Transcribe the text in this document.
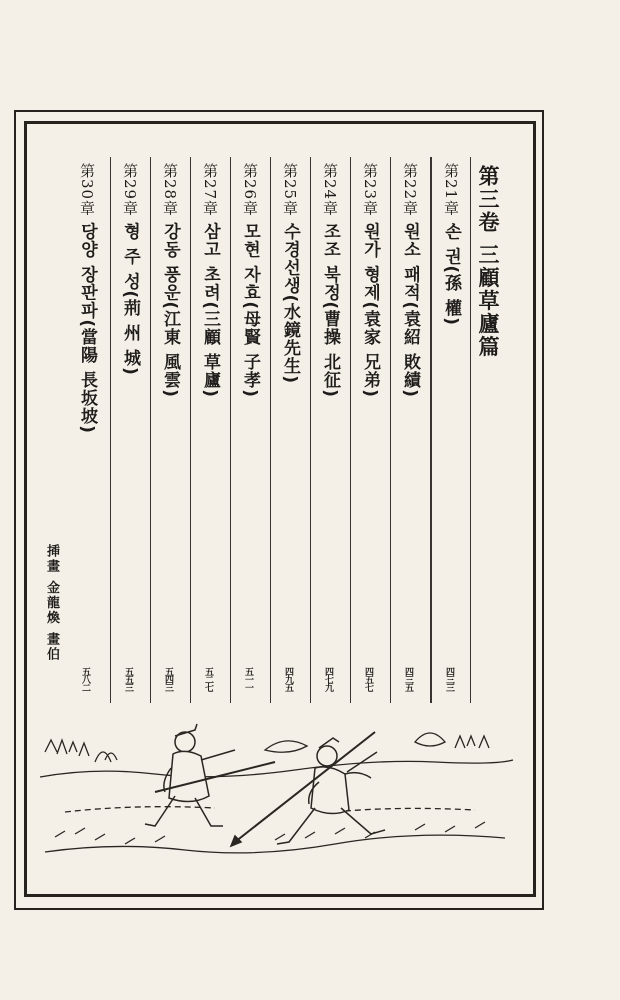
第三卷 三顧草廬篇
第21章 손 권(孫 權)
四三三
第22章 원소 패적(袁紹 敗績)
四三五
第23章 원가 형제(袁家 兄弟)
四五七
第24章 조조 북정(曹操 北征)
四七九
第25章 수경선생(水鏡先生)
四九五
第26章 모현 자효(母賢 子孝)
五一一
第27章 삼고 초려(三顧 草廬)
五二七
第28章 강동 풍운(江東 風雲)
五四三
第29章 형 주 성(荊 州 城)
五五三
第30章 당양 장판파(當陽 長坂坡)
五八二
揷畫 金龍煥 畫伯
